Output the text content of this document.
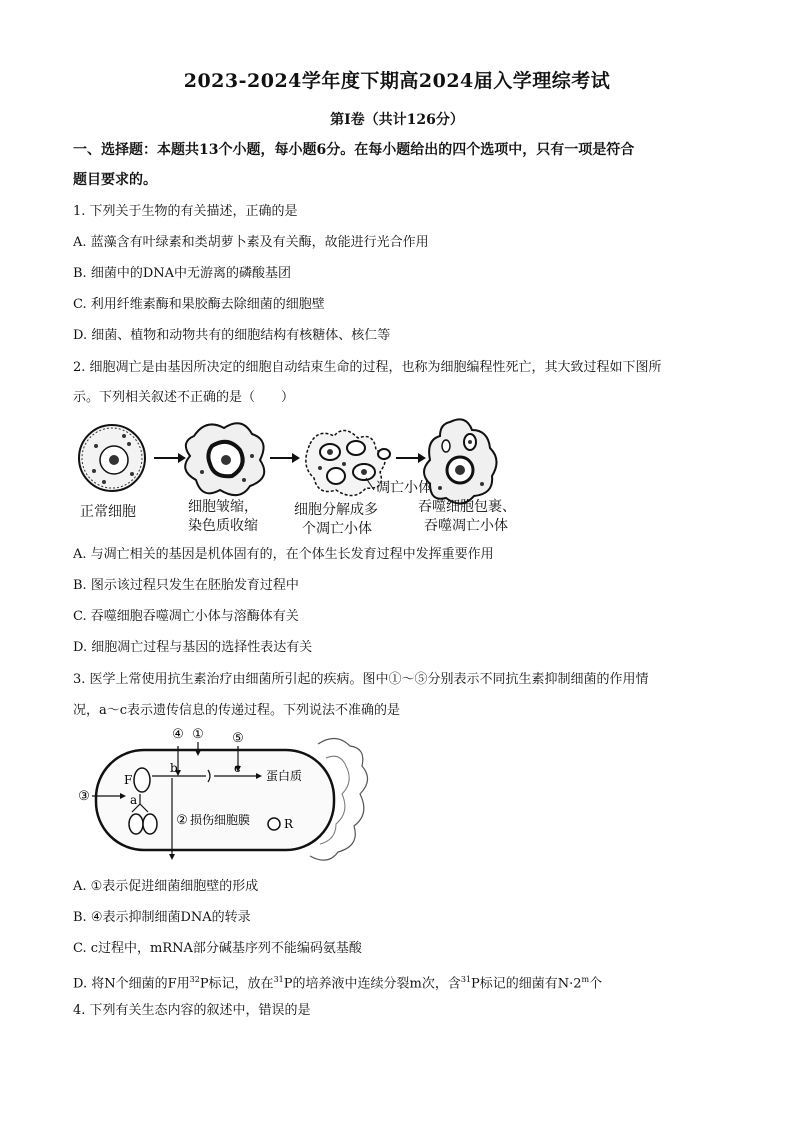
2023-2024学年度下期高2024届入学理综考试
第Ⅰ卷（共计126分）
一、选择题：本题共13个小题，每小题6分。在每小题给出的四个选项中，只有一项是符合
题目要求的。
1. 下列关于生物的有关描述，正确的是
A. 蓝藻含有叶绿素和类胡萝卜素及有关酶，故能进行光合作用
B. 细菌中的DNA中无游离的磷酸基团
C. 利用纤维素酶和果胶酶去除细菌的细胞壁
D. 细菌、植物和动物共有的细胞结构有核糖体、核仁等
2. 细胞凋亡是由基因所决定的细胞自动结束生命的过程，也称为细胞编程性死亡，其大致过程如下图所
示。下列相关叙述不正确的是（　　）
凋亡小体
正常细胞	细胞皱缩，
染色质收缩
细胞分解成多
个凋亡小体
吞噬细胞包裹、
吞噬凋亡小体
A. 与凋亡相关的基因是机体固有的，在个体生长发育过程中发挥重要作用
B. 图示该过程只发生在胚胎发育过程中
C. 吞噬细胞吞噬凋亡小体与溶酶体有关
D. 细胞凋亡过程与基因的选择性表达有关
3. 医学上常使用抗生素治疗由细菌所引起的疾病。图中①～⑤分别表示不同抗生素抑制细菌的作用情
况，a～c表示遗传信息的传递过程。下列说法不准确的是
④ ① ⑤
③
②
F
R
a
b	c
蛋白质
损伤细胞膜
A. ①表示促进细菌细胞壁的形成
B. ④表示抑制细菌DNA的转录
C. c过程中，mRNA部分碱基序列不能编码氨基酸
D. 将N个细菌的F用$^{32}$P标记，放在$^{31}$P的培养液中连续分裂m次，含$^{31}$P标记的细菌有$N\cdot 2^m$个
4. 下列有关生态内容的叙述中，错误的是
